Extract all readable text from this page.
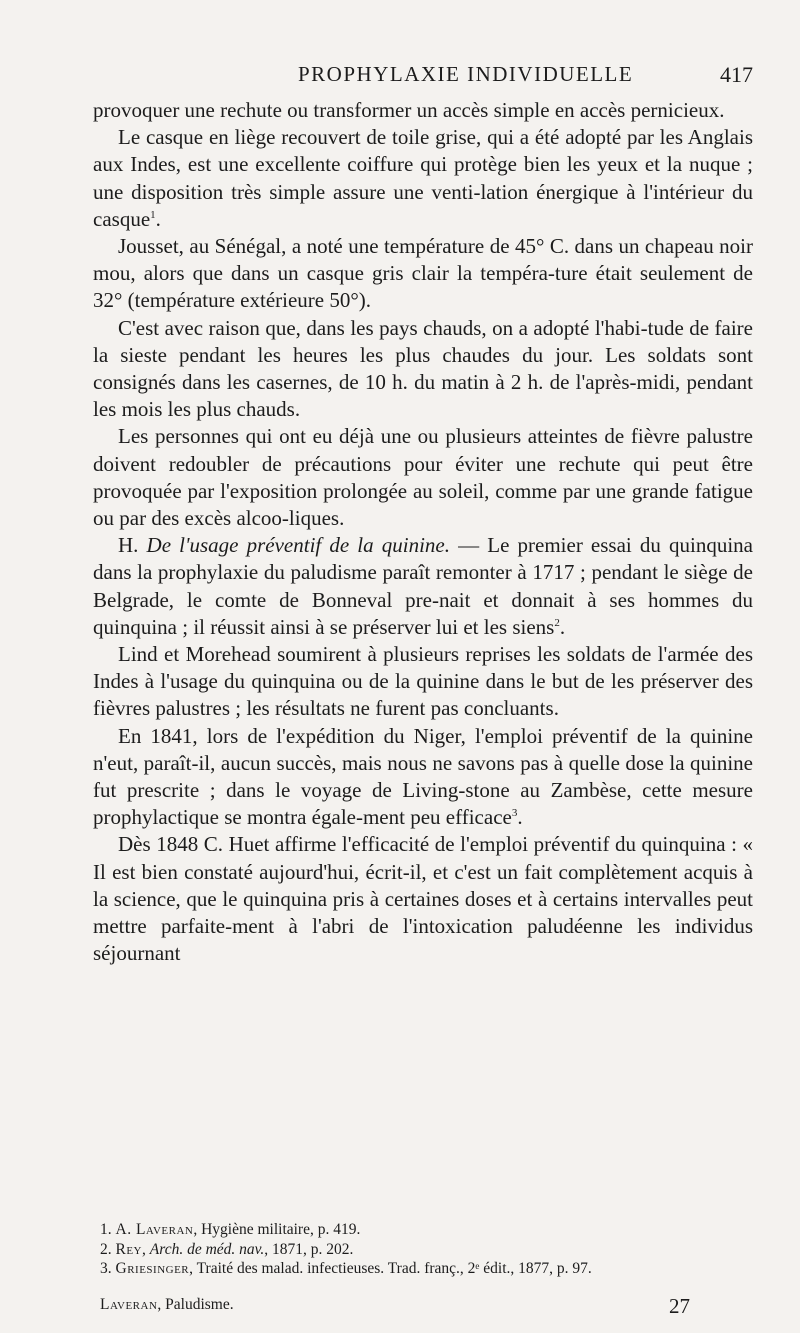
PROPHYLAXIE INDIVIDUELLE	417

provoquer une rechute ou transformer un accès simple en accès pernicieux.

Le casque en liège recouvert de toile grise, qui a été adopté par les Anglais aux Indes, est une excellente coiffure qui protège bien les yeux et la nuque ; une disposition très simple assure une venti-lation énergique à l'intérieur du casque$^1$.

Jousset, au Sénégal, a noté une température de 45° C. dans un chapeau noir mou, alors que dans un casque gris clair la tempéra-ture était seulement de 32° (température extérieure 50°).

C'est avec raison que, dans les pays chauds, on a adopté l'habi-tude de faire la sieste pendant les heures les plus chaudes du jour. Les soldats sont consignés dans les casernes, de 10 h. du matin à 2 h. de l'après-midi, pendant les mois les plus chauds.

Les personnes qui ont eu déjà une ou plusieurs atteintes de fièvre palustre doivent redoubler de précautions pour éviter une rechute qui peut être provoquée par l'exposition prolongée au soleil, comme par une grande fatigue ou par des excès alcoo-liques.

H. De l'usage préventif de la quinine. — Le premier essai du quinquina dans la prophylaxie du paludisme paraît remonter à 1717 ; pendant le siège de Belgrade, le comte de Bonneval pre-nait et donnait à ses hommes du quinquina ; il réussit ainsi à se préserver lui et les siens$^2$.

Lind et Morehead soumirent à plusieurs reprises les soldats de l'armée des Indes à l'usage du quinquina ou de la quinine dans le but de les préserver des fièvres palustres ; les résultats ne furent pas concluants.

En 1841, lors de l'expédition du Niger, l'emploi préventif de la quinine n'eut, paraît-il, aucun succès, mais nous ne savons pas à quelle dose la quinine fut prescrite ; dans le voyage de Living-stone au Zambèse, cette mesure prophylactique se montra égale-ment peu efficace$^3$.

Dès 1848 C. Huet affirme l'efficacité de l'emploi préventif du quinquina : « Il est bien constaté aujourd'hui, écrit-il, et c'est un fait complètement acquis à la science, que le quinquina pris à certaines doses et à certains intervalles peut mettre parfaite-ment à l'abri de l'intoxication paludéenne les individus séjournant

1. A. Laveran, Hygiène militaire, p. 419.

2. Rey, Arch. de méd. nav., 1871, p. 202.

3. Griesinger, Traité des malad. infectieuses. Trad. franç., 2ᵉ édit., 1877, p. 97.

Laveran, Paludisme.	27
